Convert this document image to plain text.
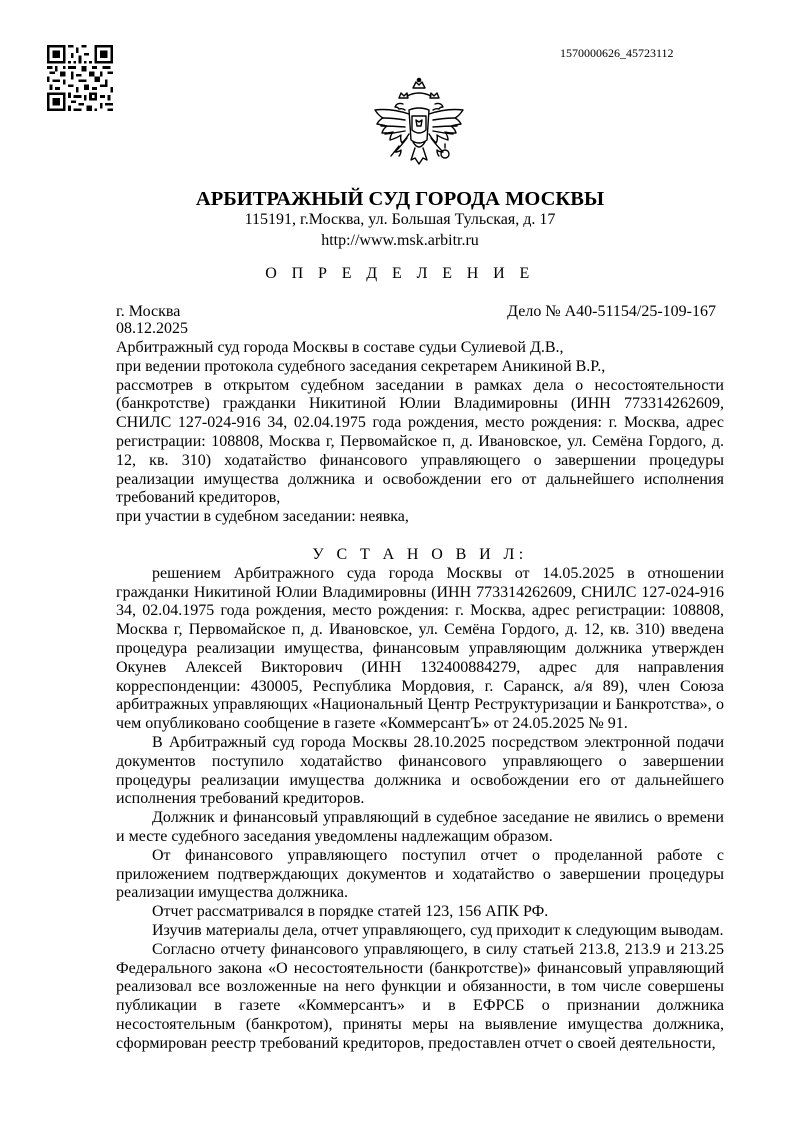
1570000626_45723112
АРБИТРАЖНЫЙ СУД ГОРОДА МОСКВЫ
115191, г.Москва, ул. Большая Тульская, д. 17
http://www.msk.arbitr.ru
О П Р Е Д Е Л Е Н И Е
г. Москва	Дело № А40-51154/25-109-167
08.12.2025

Арбитражный суд города Москвы в составе судьи Сулиевой Д.В.,

при ведении протокола судебного заседания секретарем Аникиной В.Р.,

рассмотрев в открытом судебном заседании в рамках дела о несостоятельности (банкротстве) гражданки Никитиной Юлии Владимировны (ИНН 773314262609, СНИЛС 127-024-916 34, 02.04.1975 года рождения, место рождения: г. Москва, адрес регистрации: 108808, Москва г, Первомайское п, д. Ивановское, ул. Семёна Гордого, д. 12, кв. 310) ходатайство финансового управляющего о завершении процедуры реализации имущества должника и освобождении его от дальнейшего исполнения требований кредиторов,

при участии в судебном заседании: неявка,

У С Т А Н О В И Л:

решением Арбитражного суда города Москвы от 14.05.2025 в отношении гражданки Никитиной Юлии Владимировны (ИНН 773314262609, СНИЛС 127-024-916 34, 02.04.1975 года рождения, место рождения: г. Москва, адрес регистрации: 108808, Москва г, Первомайское п, д. Ивановское, ул. Семёна Гордого, д. 12, кв. 310) введена процедура реализации имущества, финансовым управляющим должника утвержден Окунев Алексей Викторович (ИНН 132400884279, адрес для направления корреспонденции: 430005, Республика Мордовия, г. Саранск, а/я 89), член Союза арбитражных управляющих «Национальный Центр Реструктуризации и Банкротства», о чем опубликовано сообщение в газете «КоммерсантЪ» от 24.05.2025 № 91.

В Арбитражный суд города Москвы 28.10.2025 посредством электронной подачи документов поступило ходатайство финансового управляющего о завершении процедуры реализации имущества должника и освобождении его от дальнейшего исполнения требований кредиторов.

Должник и финансовый управляющий в судебное заседание не явились о времени и месте судебного заседания уведомлены надлежащим образом.

От финансового управляющего поступил отчет о проделанной работе с приложением подтверждающих документов и ходатайство о завершении процедуры реализации имущества должника.

Отчет рассматривался в порядке статей 123, 156 АПК РФ.

Изучив материалы дела, отчет управляющего, суд приходит к следующим выводам.

Согласно отчету финансового управляющего, в силу статьей 213.8, 213.9 и 213.25 Федерального закона «О несостоятельности (банкротстве)» финансовый управляющий реализовал все возложенные на него функции и обязанности, в том числе совершены публикации в газете «Коммерсантъ» и в ЕФРСБ о признании должника несостоятельным (банкротом), приняты меры на выявление имущества должника, сформирован реестр требований кредиторов, предоставлен отчет о своей деятельности,
